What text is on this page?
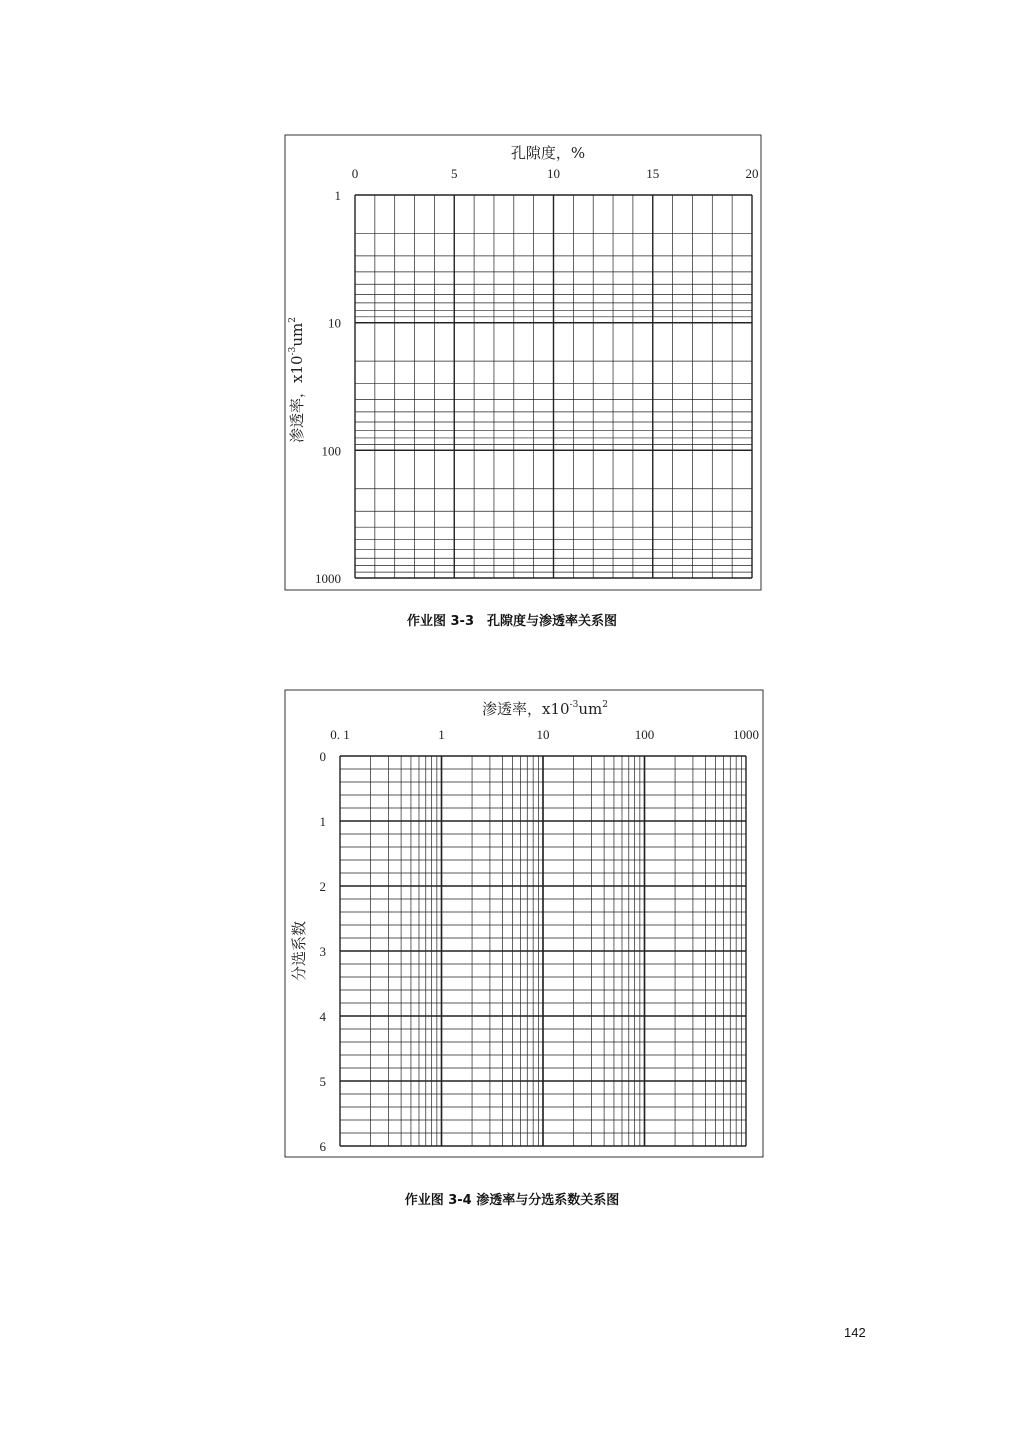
孔隙度，%
0	5	10	15	20
1
10
100
1000
渗透率，$x10^{-3}um^2$
渗透率，$x10^{-3}um^2$
0. 1	1	10	100	1000
0
1
2
3
4
5
6
分选系数
作业图 3-3　孔隙度与渗透率关系图
作业图 3-4 渗透率与分选系数关系图
142
